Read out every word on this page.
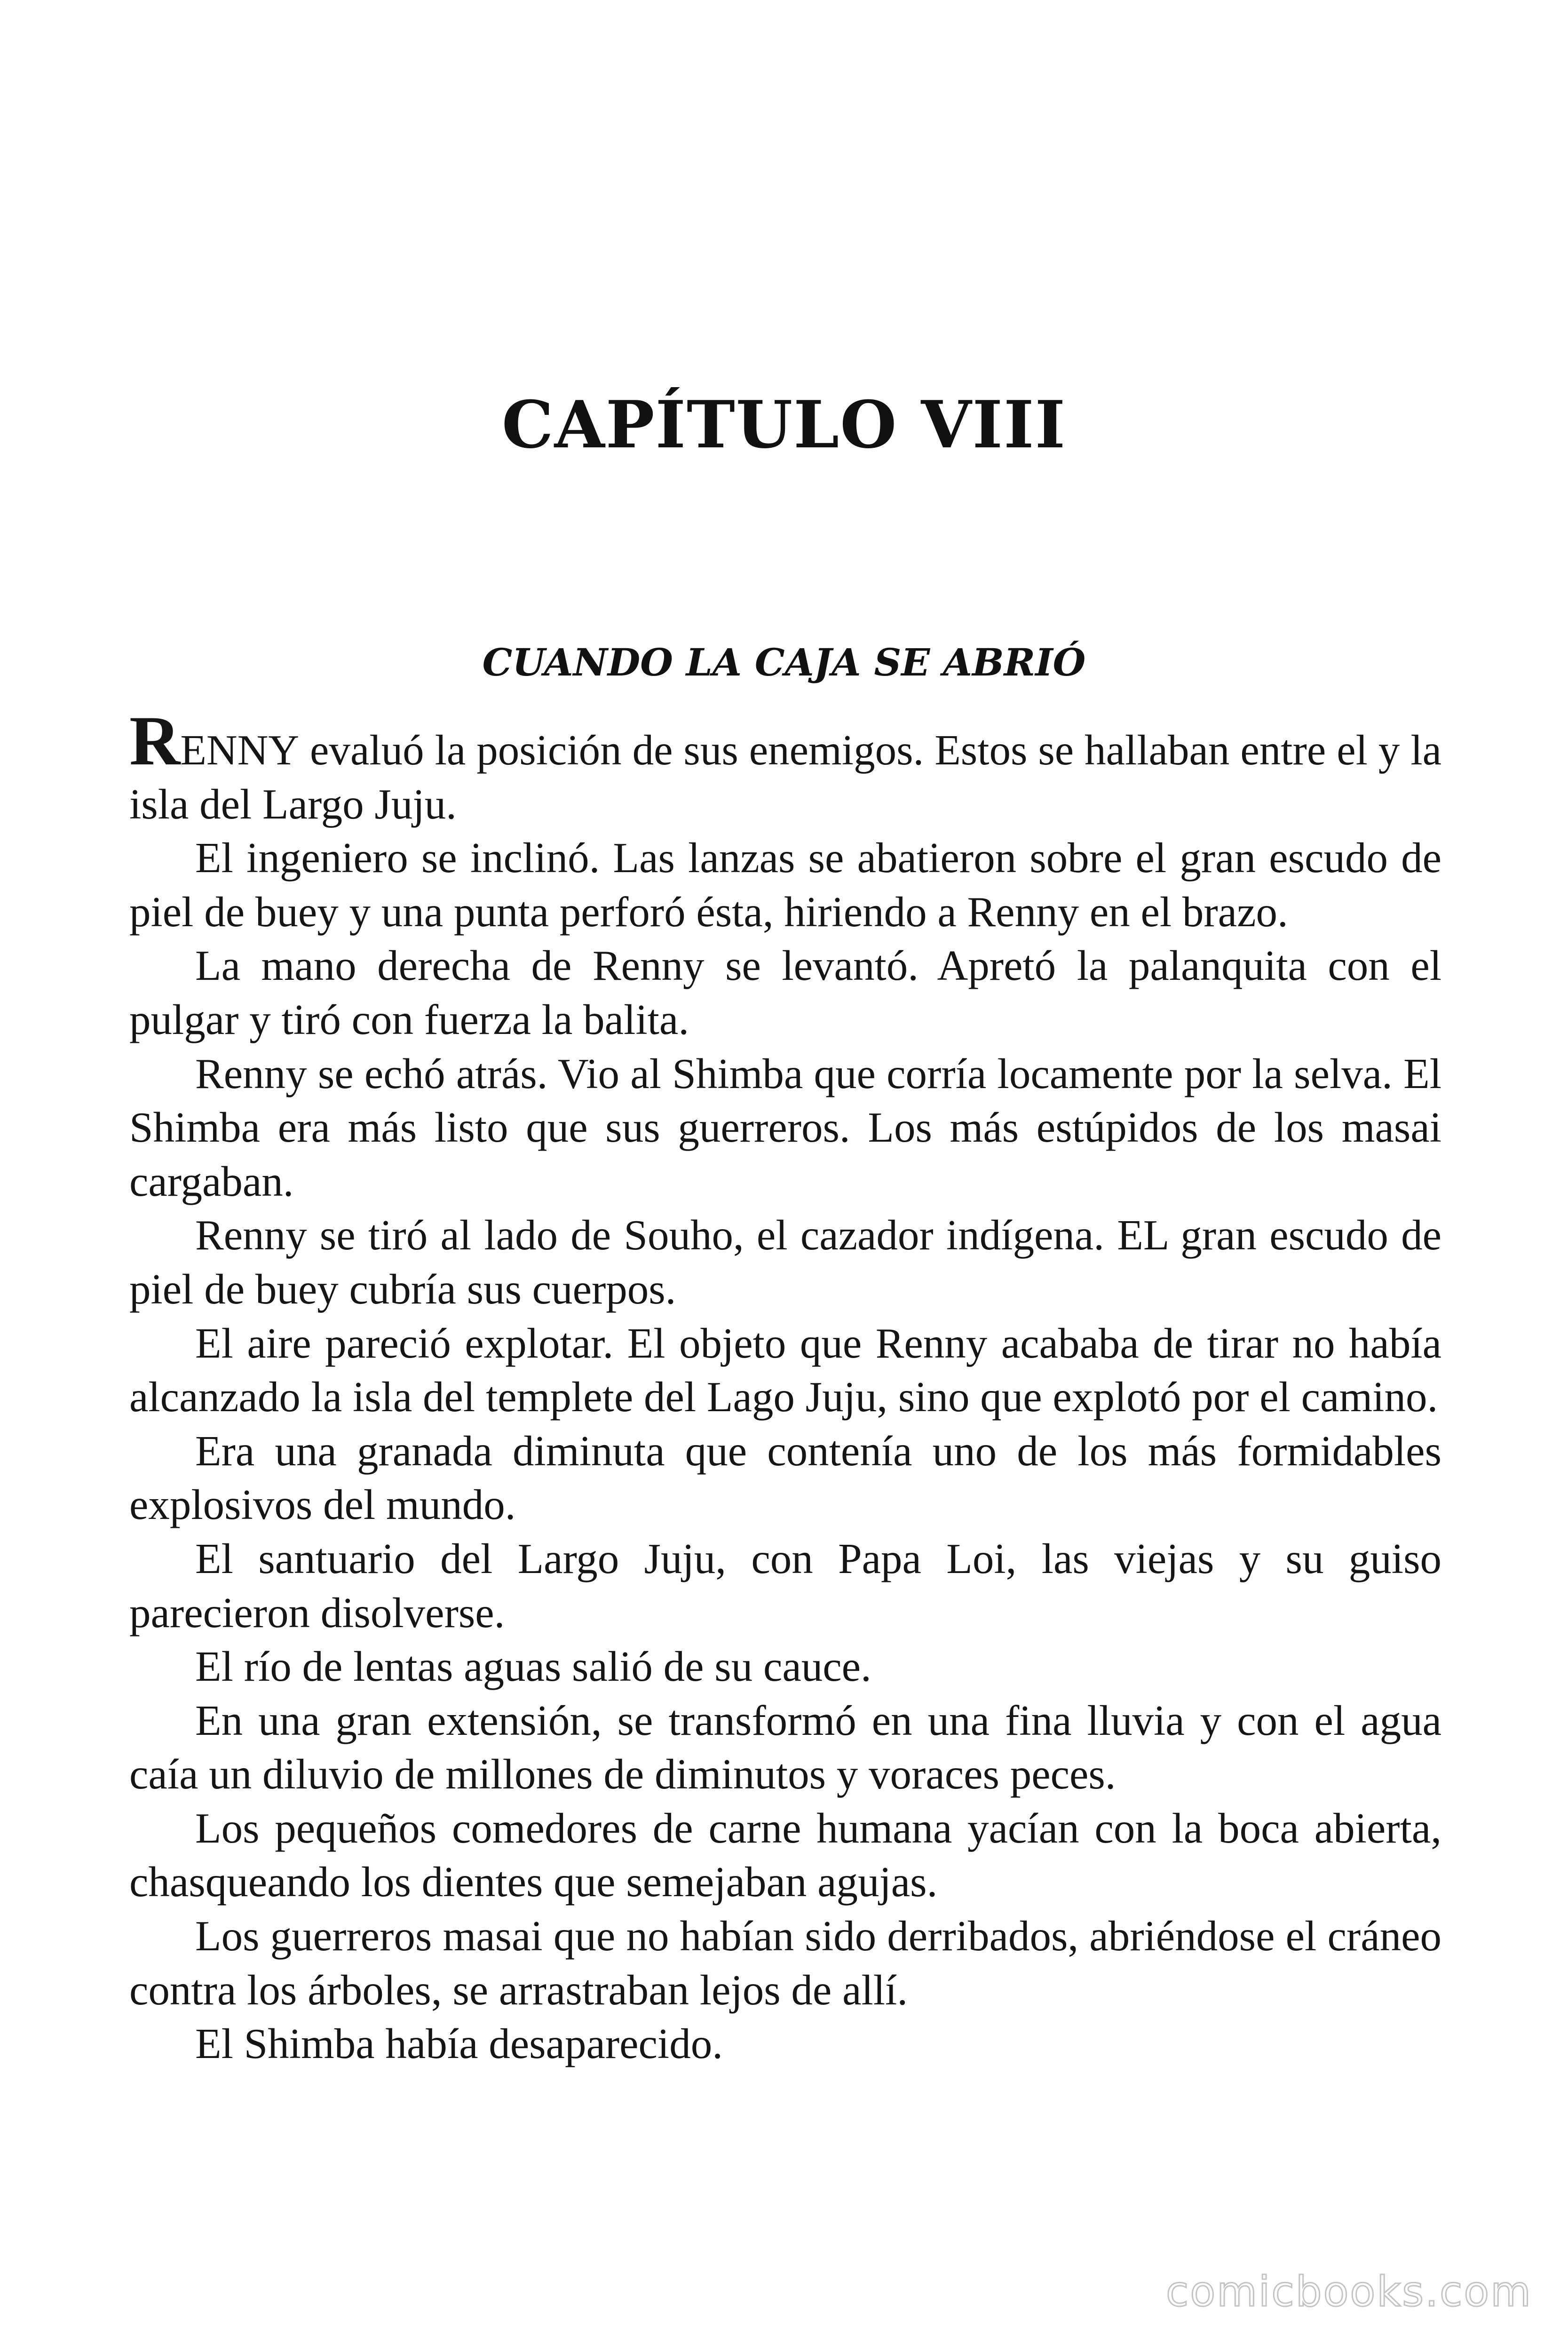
CAPÍTULO VIII
CUANDO LA CAJA SE ABRIÓ

RENNY evaluó la posición de sus enemigos. Estos se hallaban entre el y la isla del Largo Juju.

El ingeniero se inclinó. Las lanzas se abatieron sobre el gran escudo de piel de buey y una punta perforó ésta, hiriendo a Renny en el brazo.

La mano derecha de Renny se levantó. Apretó la palanquita con el pulgar y tiró con fuerza la balita.

Renny se echó atrás. Vio al Shimba que corría locamente por la selva. El Shimba era más listo que sus guerreros. Los más estúpidos de los masai cargaban.

Renny se tiró al lado de Souho, el cazador indígena. EL gran escudo de piel de buey cubría sus cuerpos.

El aire pareció explotar. El objeto que Renny acababa de tirar no había alcanzado la isla del templete del Lago Juju, sino que explotó por el camino.

Era una granada diminuta que contenía uno de los más formidables explosivos del mundo.

El santuario del Largo Juju, con Papa Loi, las viejas y su guiso parecieron disolverse.

El río de lentas aguas salió de su cauce.

En una gran extensión, se transformó en una fina lluvia y con el agua caía un diluvio de millones de diminutos y voraces peces.

Los pequeños comedores de carne humana yacían con la boca abierta, chasqueando los dientes que semejaban agujas.

Los guerreros masai que no habían sido derribados, abriéndose el cráneo contra los árboles, se arrastraban lejos de allí.

El Shimba había desaparecido.

comicbooks.com
